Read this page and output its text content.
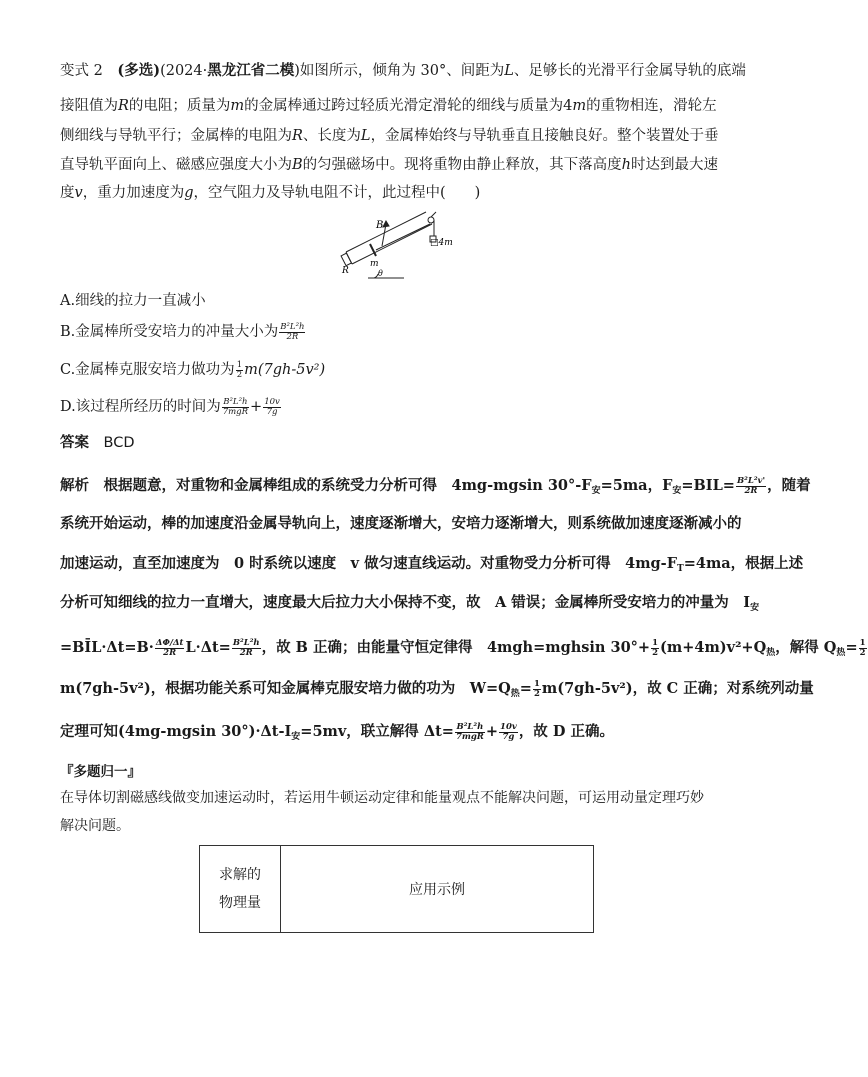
变式 2　 (多选)(2024·黑龙江省二模)如图所示，倾角为 30°、间距为L、足够长的光滑平行金属导轨的底端
接阻值为R的电阻；质量为m的金属棒通过跨过轻质光滑定滑轮的细线与质量为4m的重物相连，滑轮左
侧细线与导轨平行；金属棒的电阻为R、长度为L，金属棒始终与导轨垂直且接触良好。整个装置处于垂
直导轨平面向上、磁感应强度大小为B的匀强磁场中。现将重物由静止释放，其下落高度h时达到最大速
度v，重力加速度为g，空气阻力及导轨电阻不计，此过程中(　　)
A.细线的拉力一直减小
B.金属棒所受安培力的冲量大小为 $\frac{\text{B²L²h}}{2R}$
C.金属棒克服安培力做功为 $\frac{1}{2} m(7gh-5v^2)$
D.该过程所经历的时间为 $\frac{\text{B²L²h}}{\text{7mgR}} + \frac{10v}{7g}$
答案　 BCD
解析　 根据题意，对重物和金属棒组成的系统受力分析可得　4mg-mgsin $30^\circ-F_安=5ma$，$F_安=BIL= \frac{\text{B²L²v'}}{2R}$ ，随着
系统开始运动，棒的加速度沿金属导轨向上，速度逐渐增大，安培力逐渐增大，则系统做加速度逐渐减小的
加速运动，直至加速度为　0 时系统以速度　v 做匀速直线运动。对重物受力分析可得　$4mg-F_T=4ma$，根据上述
分析可知细线的拉力一直增大，速度最大后拉力大小保持不变，故　A 错误；金属棒所受安培力的冲量为　$I_安$
=BĪL·Δt=B· $\frac{\Delta\Phi/\Delta t}{2R} L\cdot\Delta t= \frac{\text{B²L²h}}{2R}$ ，故 B 正确；由能量守恒定律得　4mgh=mghsin $30^\circ+ \frac{1}{2} (m+4m)v^2+Q_热$，解得 $Q_热= \frac{1}{2}$
m(7gh-5v²)，根据功能关系可知金属棒克服安培力做的功为　$W=Q_热= \frac{1}{2} m(7gh-5v^2)$，故 C 正确；对系统列动量
定理可知(4mg-mgsin $30^\circ)\cdot\Delta t-I_安=5mv$，联立解得 $\Delta t= \frac{\text{B²L²h}}{\text{7mgR}} + \frac{10v}{7g}$ ，故 D 正确。
『多题归一』
在导体切割磁感线做变加速运动时，若运用牛顿运动定律和能量观点不能解决问题，可运用动量定理巧妙
解决问题。
B
□4m
m
R	θ
求解的
物理量
应用示例
